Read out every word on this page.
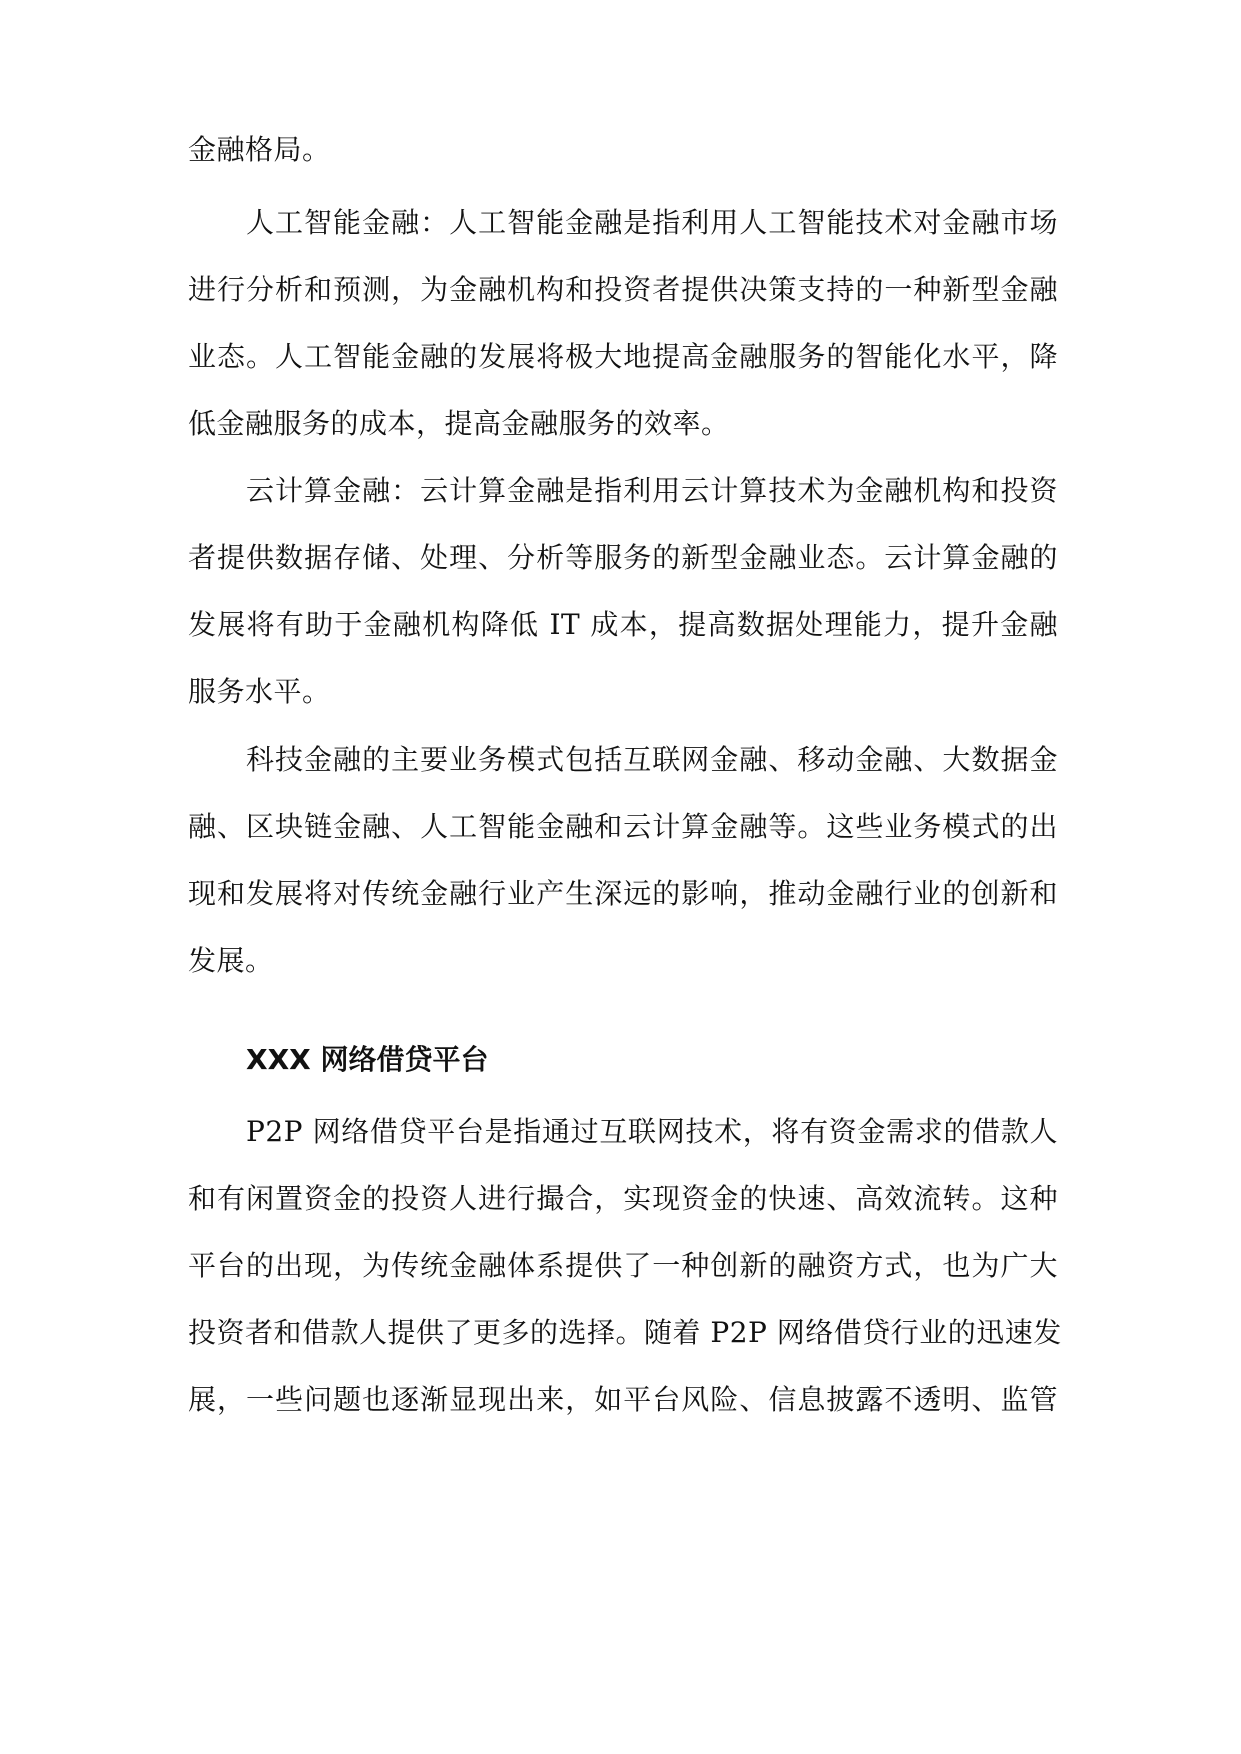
金融格局。
人工智能金融：人工智能金融是指利用人工智能技术对金融市场
进行分析和预测，为金融机构和投资者提供决策支持的一种新型金融
业态。人工智能金融的发展将极大地提高金融服务的智能化水平，降
低金融服务的成本，提高金融服务的效率。
云计算金融：云计算金融是指利用云计算技术为金融机构和投资
者提供数据存储、处理、分析等服务的新型金融业态。云计算金融的
发展将有助于金融机构降低 IT 成本，提高数据处理能力，提升金融
服务水平。
科技金融的主要业务模式包括互联网金融、移动金融、大数据金
融、区块链金融、人工智能金融和云计算金融等。这些业务模式的出
现和发展将对传统金融行业产生深远的影响，推动金融行业的创新和
发展。
XXX 网络借贷平台
P2P 网络借贷平台是指通过互联网技术，将有资金需求的借款人
和有闲置资金的投资人进行撮合，实现资金的快速、高效流转。这种
平台的出现，为传统金融体系提供了一种创新的融资方式，也为广大
投资者和借款人提供了更多的选择。随着 P2P 网络借贷行业的迅速发
展，一些问题也逐渐显现出来，如平台风险、信息披露不透明、监管
